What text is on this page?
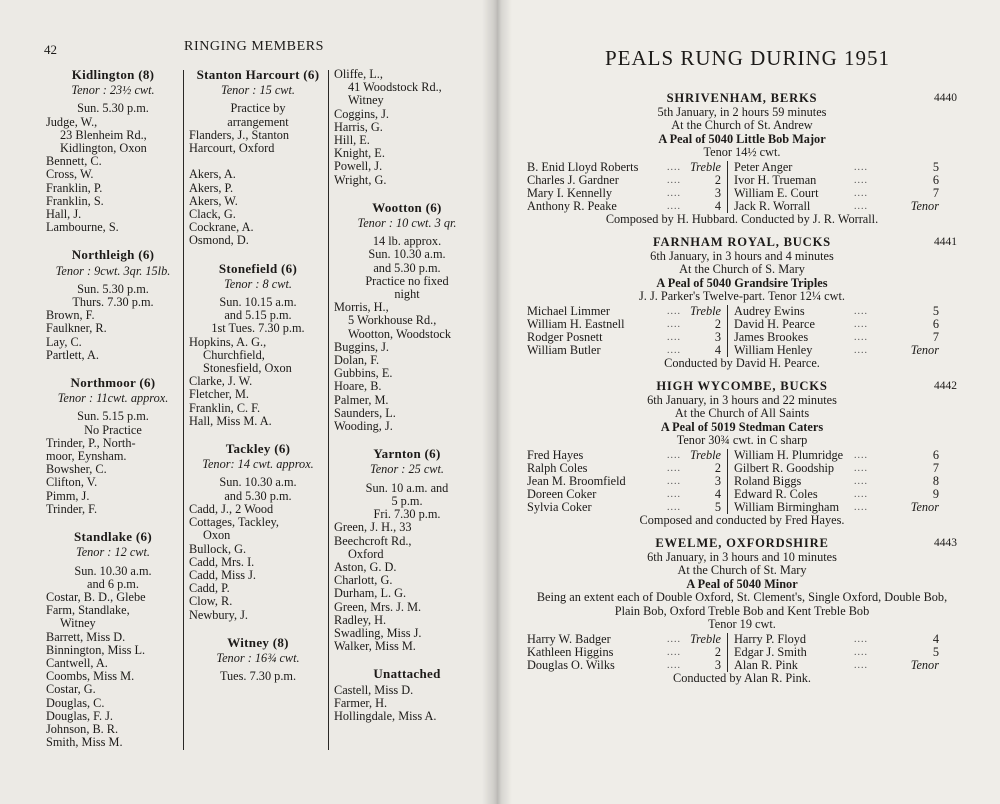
42	RINGING MEMBERS
Kidlington (8)
Tenor : 23½ cwt.
Sun. 5.30 p.m.
Judge, W.,
23 Blenheim Rd.,
Kidlington, Oxon
Bennett, C.
Cross, W.
Franklin, P.
Franklin, S.
Hall, J.
Lambourne, S.
Northleigh (6)
Tenor : 9cwt. 3qr. 15lb.
Sun. 5.30 p.m.
Thurs. 7.30 p.m.
Brown, F.
Faulkner, R.
Lay, C.
Partlett, A.
Northmoor (6)
Tenor : 11cwt. approx.
Sun. 5.15 p.m.
No Practice
Trinder, P., North-
moor, Eynsham.
Bowsher, C.
Clifton, V.
Pimm, J.
Trinder, F.
Standlake (6)
Tenor : 12 cwt.
Sun. 10.30 a.m.
and 6 p.m.
Costar, B. D., Glebe
Farm, Standlake,
Witney
Barrett, Miss D.
Binnington, Miss L.
Cantwell, A.
Coombs, Miss M.
Costar, G.
Douglas, C.
Douglas, F. J.
Johnson, B. R.
Smith, Miss M.
Stanton Harcourt (6)
Tenor : 15 cwt.
Practice by
arrangement
Flanders, J., Stanton
Harcourt, Oxford

Akers, A.
Akers, P.
Akers, W.
Clack, G.
Cockrane, A.
Osmond, D.
Stonefield (6)
Tenor : 8 cwt.
Sun. 10.15 a.m.
and 5.15 p.m.
1st Tues. 7.30 p.m.
Hopkins, A. G.,
Churchfield,
Stonesfield, Oxon
Clarke, J. W.
Fletcher, M.
Franklin, C. F.
Hall, Miss M. A.
Tackley (6)
Tenor: 14 cwt. approx.
Sun. 10.30 a.m.
and 5.30 p.m.
Cadd, J., 2 Wood
Cottages, Tackley,
Oxon
Bullock, G.
Cadd, Mrs. I.
Cadd, Miss J.
Cadd, P.
Clow, R.
Newbury, J.
Witney (8)
Tenor : 16¾ cwt.
Tues. 7.30 p.m.
Oliffe, L.,
41 Woodstock Rd.,
Witney
Coggins, J.
Harris, G.
Hill, E.
Knight, E.
Powell, J.
Wright, G.
Wootton (6)
Tenor : 10 cwt. 3 qr.
14 lb. approx.
Sun. 10.30 a.m.
and 5.30 p.m.
Practice no fixed
night
Morris, H.,
5 Workhouse Rd.,
Wootton, Woodstock
Buggins, J.
Dolan, F.
Gubbins, E.
Hoare, B.
Palmer, M.
Saunders, L.
Wooding, J.
Yarnton (6)
Tenor : 25 cwt.
Sun. 10 a.m. and
5 p.m.
Fri. 7.30 p.m.
Green, J. H., 33
Beechcroft Rd.,
Oxford
Aston, G. D.
Charlott, G.
Durham, L. G.
Green, Mrs. J. M.
Radley, H.
Swadling, Miss J.
Walker, Miss M.
Unattached
Castell, Miss D.
Farmer, H.
Hollingdale, Miss A.
PEALS RUNG DURING 1951
SHRIVENHAM, BERKS	4440
5th January, in 2 hours 59 minutes
At the Church of St. Andrew
A Peal of 5040 Little Bob Major
Tenor 14½ cwt.
B. Enid Lloyd Roberts	.... Treble
Charles J. Gardner	....	2
Mary I. Kennelly	....	3
Anthony R. Peake	....	4
Peter Anger	....	5
Ivor H. Trueman	....	6
William E. Court	....	7
Jack R. Worrall	....	Tenor
Composed by H. Hubbard. Conducted by J. R. Worrall.
FARNHAM ROYAL, BUCKS	4441
6th January, in 3 hours and 4 minutes
At the Church of S. Mary
A Peal of 5040 Grandsire Triples
J. J. Parker's Twelve-part. Tenor 12¼ cwt.
Michael Limmer	.... Treble
William H. Eastnell	....	2
Rodger Posnett	....	3
William Butler	....	4
Audrey Ewins	....	5
David H. Pearce	....	6
James Brookes	....	7
William Henley	....	Tenor
Conducted by David H. Pearce.
HIGH WYCOMBE, BUCKS	4442
6th January, in 3 hours and 22 minutes
At the Church of All Saints
A Peal of 5019 Stedman Caters
Tenor 30¾ cwt. in C sharp
Fred Hayes	.... Treble
Ralph Coles	....	2
Jean M. Broomfield	....	3
Doreen Coker	....	4
Sylvia Coker	....	5
William H. Plumridge ....	6
Gilbert R. Goodship ....	7
Roland Biggs	....	8
Edward R. Coles	....	9
William Birmingham ....	Tenor
Composed and conducted by Fred Hayes.
EWELME, OXFORDSHIRE	4443
6th January, in 3 hours and 10 minutes
At the Church of St. Mary
A Peal of 5040 Minor
Being an extent each of Double Oxford, St. Clement's, Single Oxford, Double Bob, Plain Bob, Oxford Treble Bob and Kent Treble Bob
Tenor 19 cwt.
Harry W. Badger	.... Treble
Kathleen Higgins	....	2
Douglas O. Wilks	....	3
Harry P. Floyd	....	4
Edgar J. Smith	....	5
Alan R. Pink	....	Tenor
Conducted by Alan R. Pink.
